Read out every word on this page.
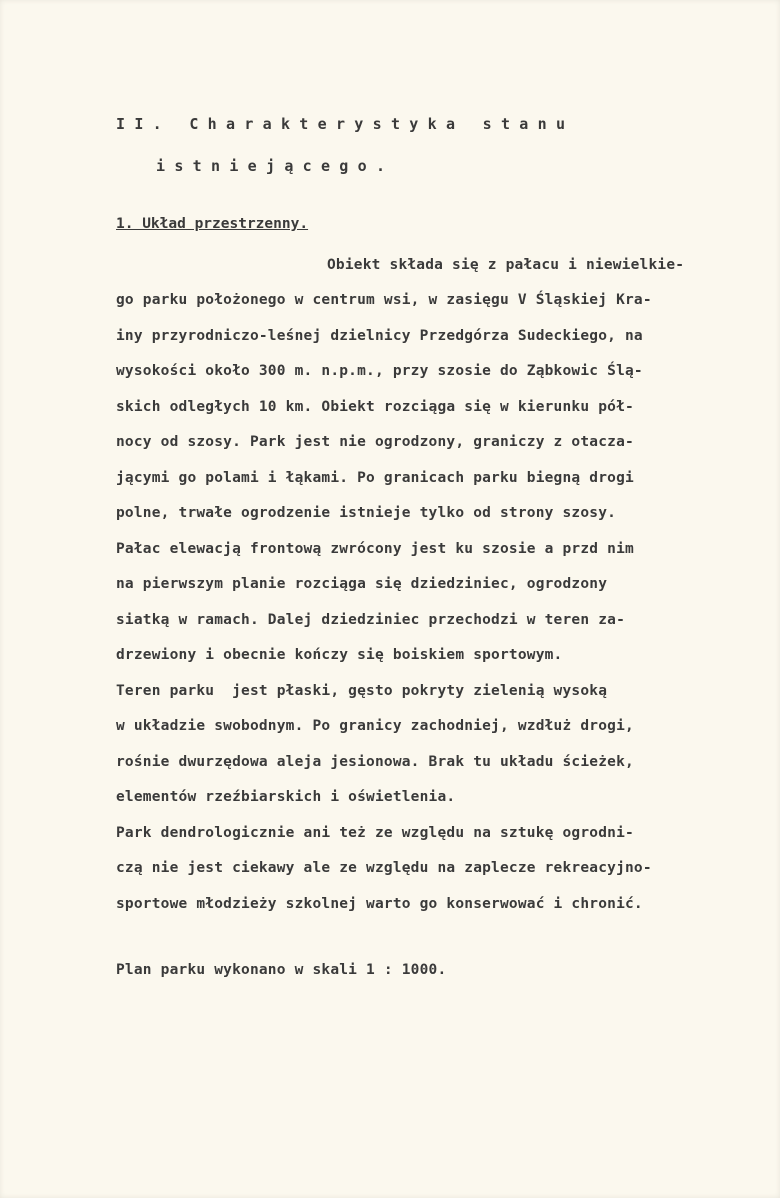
II. Charakterystyka stanu
istniejącego.
1. Układ przestrzenny.
Obiekt składa się z pałacu i niewielkie-
go parku położonego w centrum wsi, w zasięgu V Śląskiej Kra-
iny przyrodniczo-leśnej dzielnicy Przedgórza Sudeckiego, na
wysokości około 300 m. n.p.m., przy szosie do Ząbkowic Ślą-
skich odległych 10 km. Obiekt rozciąga się w kierunku pół-
nocy od szosy. Park jest nie ogrodzony, graniczy z otacza-
jącymi go polami i łąkami. Po granicach parku biegną drogi
polne, trwałe ogrodzenie istnieje tylko od strony szosy.
Pałac elewacją frontową zwrócony jest ku szosie a przd nim
na pierwszym planie rozciąga się dziedziniec, ogrodzony
siatką w ramach. Dalej dziedziniec przechodzi w teren za-
drzewiony i obecnie kończy się boiskiem sportowym.
Teren parku  jest płaski, gęsto pokryty zielenią wysoką
w układzie swobodnym. Po granicy zachodniej, wzdłuż drogi,
rośnie dwurzędowa aleja jesionowa. Brak tu układu ścieżek,
elementów rzeźbiarskich i oświetlenia.
Park dendrologicznie ani też ze względu na sztukę ogrodni-
czą nie jest ciekawy ale ze względu na zaplecze rekreacyjno-
sportowe młodzieży szkolnej warto go konserwować i chronić.
Plan parku wykonano w skali 1 : 1000.
